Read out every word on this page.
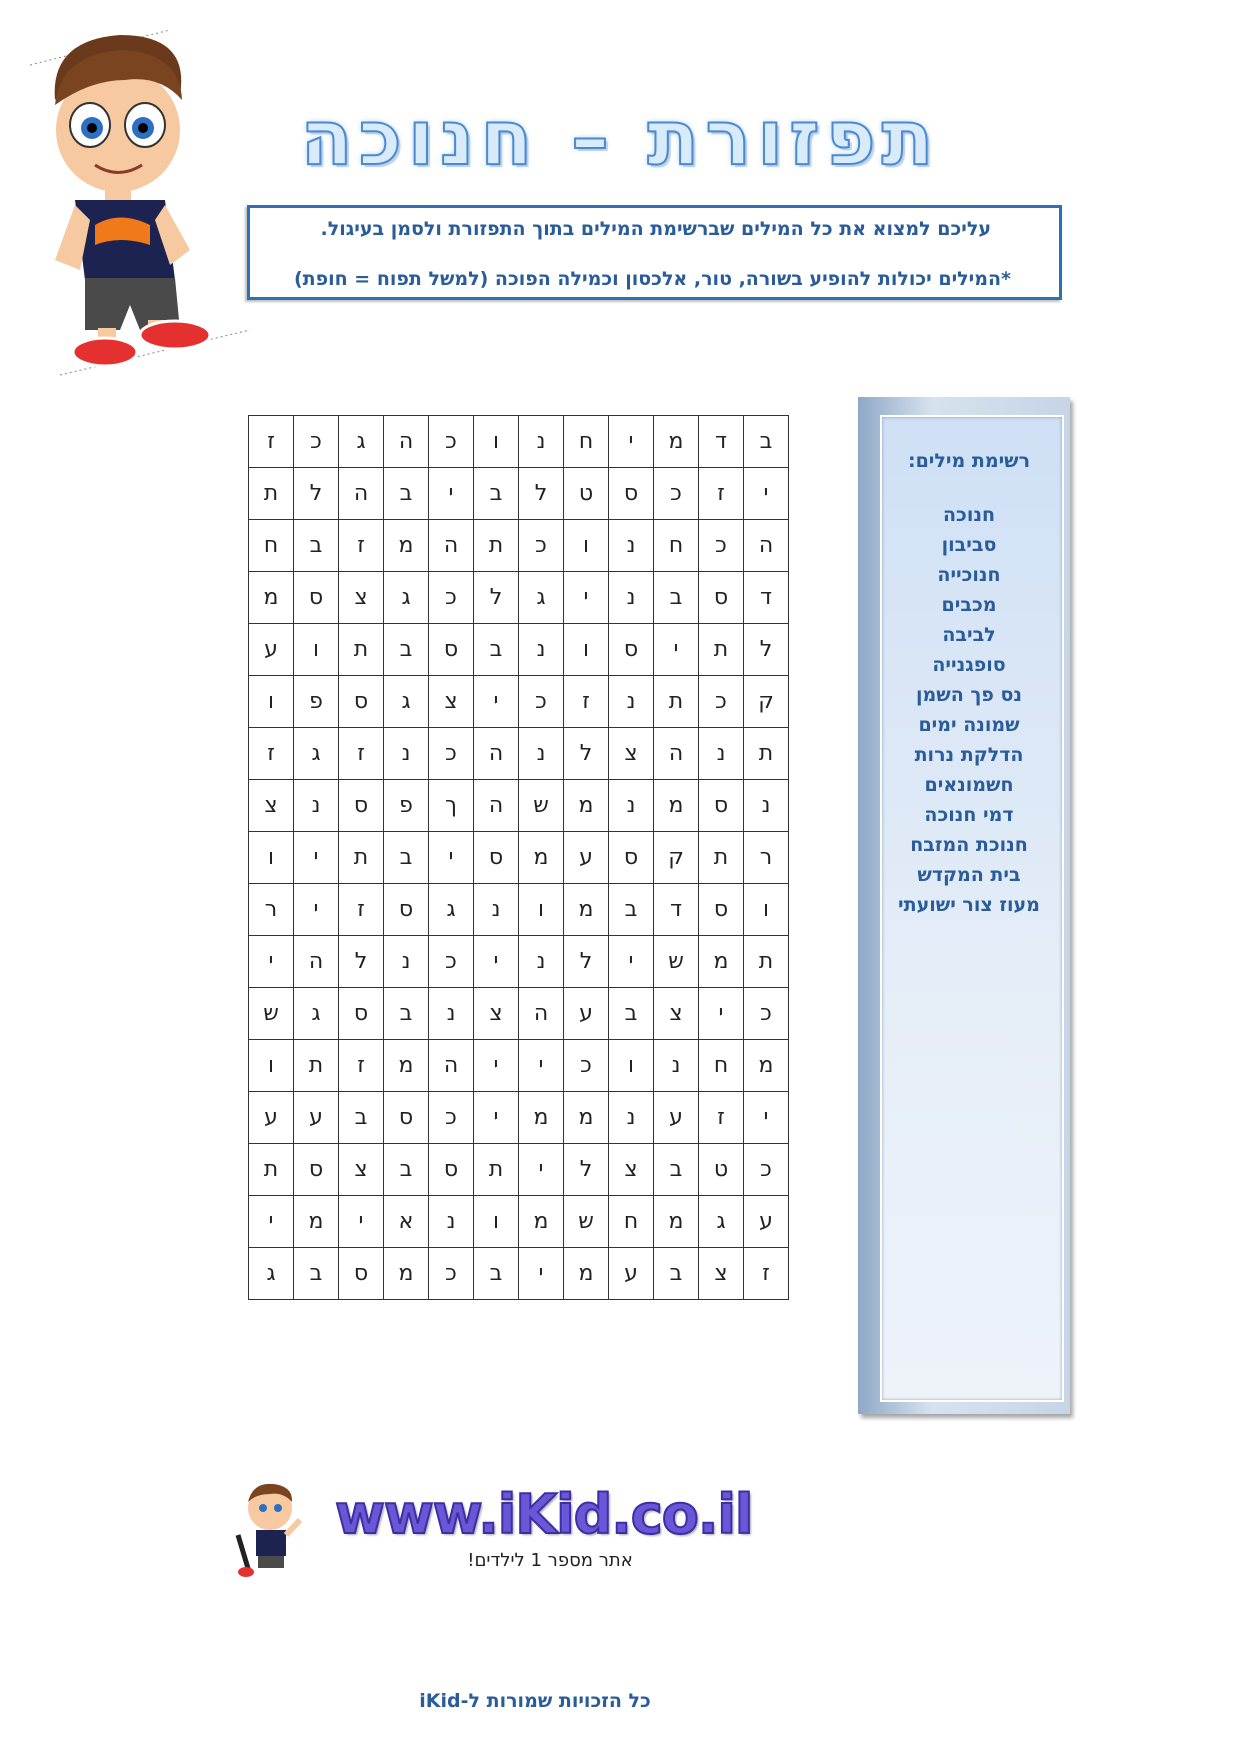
תפזורת – חנוכה
עליכם למצוא את כל המילים שברשימת המילים בתוך התפזורת ולסמן בעיגול.
*המילים יכולות להופיע בשורה, טור, אלכסון וכמילה הפוכה (למשל תפוח = חופת)
ב	ד	מ	י	ח	נ	ו	כ	ה	ג	כ	ז
י	ז	כ	ס	ט	ל	ב	י	ב	ה	ל	ת
ה	כ	ח	נ	ו	כ	ת	ה	מ	ז	ב	ח
ד	ס	ב	נ	י	ג	ל	כ	ג	צ	ס	מ
ל	ת	י	ס	ו	נ	ב	ס	ב	ת	ו	ע
ק	כ	ת	נ	ז	כ	י	צ	ג	ס	פ	ו
ת	נ	ה	צ	ל	נ	ה	כ	נ	ז	ג	ז
נ	ס	מ	נ	מ	ש	ה	ך	פ	ס	נ	צ
ר	ת	ק	ס	ע	מ	ס	י	ב	ת	י	ו
ו	ס	ד	ב	מ	ו	נ	ג	ס	ז	י	ר
ת	מ	ש	י	ל	נ	י	כ	נ	ל	ה	י
כ	י	צ	ב	ע	ה	צ	נ	ב	ס	ג	ש
מ	ח	נ	ו	כ	י	י	ה	מ	ז	ת	ו
י	ז	ע	נ	מ	מ	י	כ	ס	ב	ע	ע
כ	ט	ב	צ	ל	י	ת	ס	ב	צ	ס	ת
ע	ג	מ	ח	ש	מ	ו	נ	א	י	מ	י
ז	צ	ב	ע	מ	י	ב	כ	מ	ס	ב	ג
רשימת מילים:
חנוכה
סביבון
חנוכייה
מכבים
לביבה
סופגנייה
נס פך השמן
שמונה ימים
הדלקת נרות
חשמונאים
דמי חנוכה
חנוכת המזבח
בית המקדש
מעוז צור ישועתי
www.iKid.co.il
אתר מספר 1 לילדים!
כל הזכויות שמורות ל-iKid
